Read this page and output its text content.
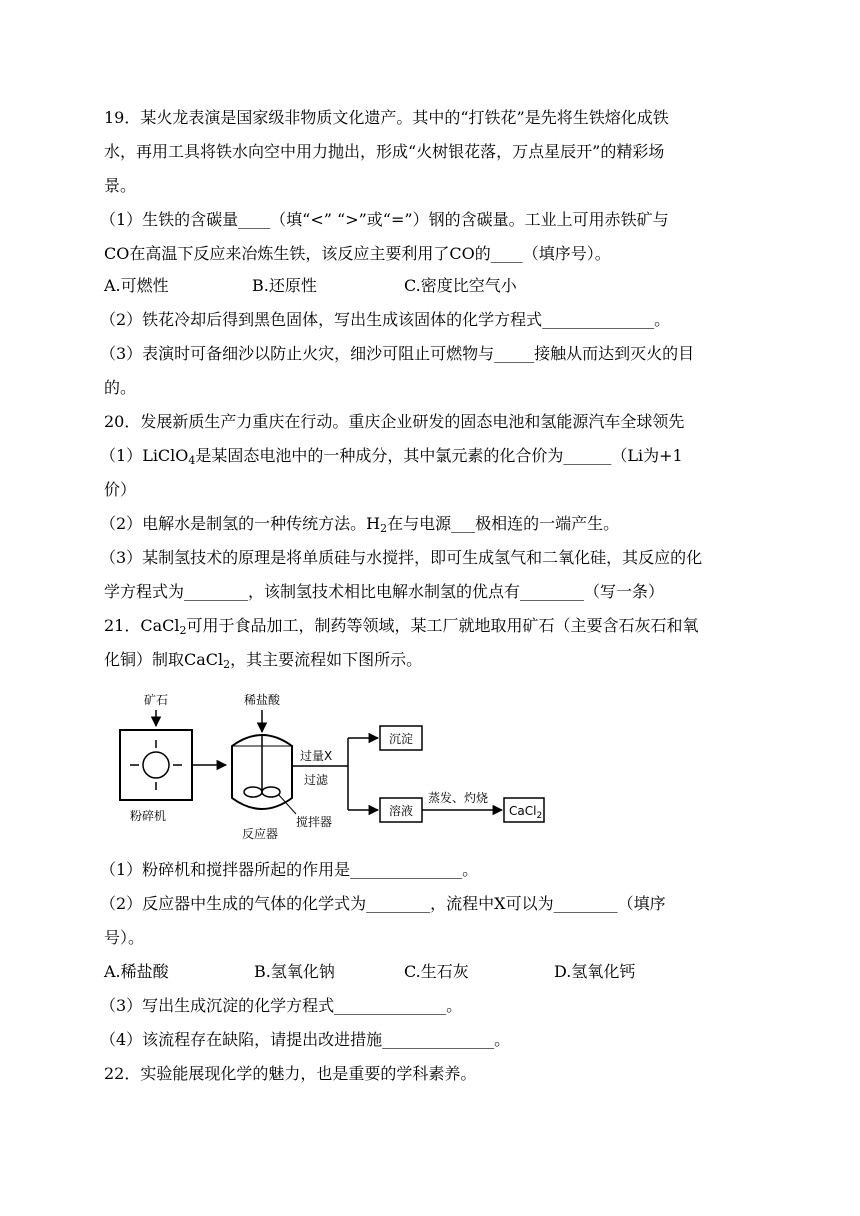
19．某火龙表演是国家级非物质文化遗产。其中的“打铁花”是先将生铁熔化成铁
水，再用工具将铁水向空中用力抛出，形成“火树银花落，万点星辰开”的精彩场
景。
（1）生铁的含碳量____（填“<” “>”或“=”）钢的含碳量。工业上可用赤铁矿与
CO在高温下反应来冶炼生铁，该反应主要利用了CO的____（填序号）。
A.可燃性	B.还原性	C.密度比空气小
（2）铁花冷却后得到黑色固体，写出生成该固体的化学方程式______________。
（3）表演时可备细沙以防止火灾，细沙可阻止可燃物与_____接触从而达到灭火的目
的。
20．发展新质生产力重庆在行动。重庆企业研发的固态电池和氢能源汽车全球领先
（1）LiClO$_4$是某固态电池中的一种成分，其中氯元素的化合价为______（Li为+1
价）
（2）电解水是制氢的一种传统方法。$H_2$在与电源___极相连的一端产生。
（3）某制氢技术的原理是将单质硅与水搅拌，即可生成氢气和二氧化硅，其反应的化
学方程式为________，该制氢技术相比电解水制氢的优点有________（写一条）
21．CaCl$_2$可用于食品加工，制药等领域，某工厂就地取用矿石（主要含石灰石和氧
化铜）制取CaCl$_2$，其主要流程如下图所示。
矿石
粉碎机
稀盐酸
反应器
搅拌器
过量X
过滤
沉淀
溶液
蒸发、灼烧
CaCl$_2$
（1）粉碎机和搅拌器所起的作用是______________。
（2）反应器中生成的气体的化学式为________，流程中X可以为________（填序
号）。
A.稀盐酸	B.氢氧化钠	C.生石灰	D.氢氧化钙
（3）写出生成沉淀的化学方程式______________。
（4）该流程存在缺陷，请提出改进措施______________。
22．实验能展现化学的魅力，也是重要的学科素养。
